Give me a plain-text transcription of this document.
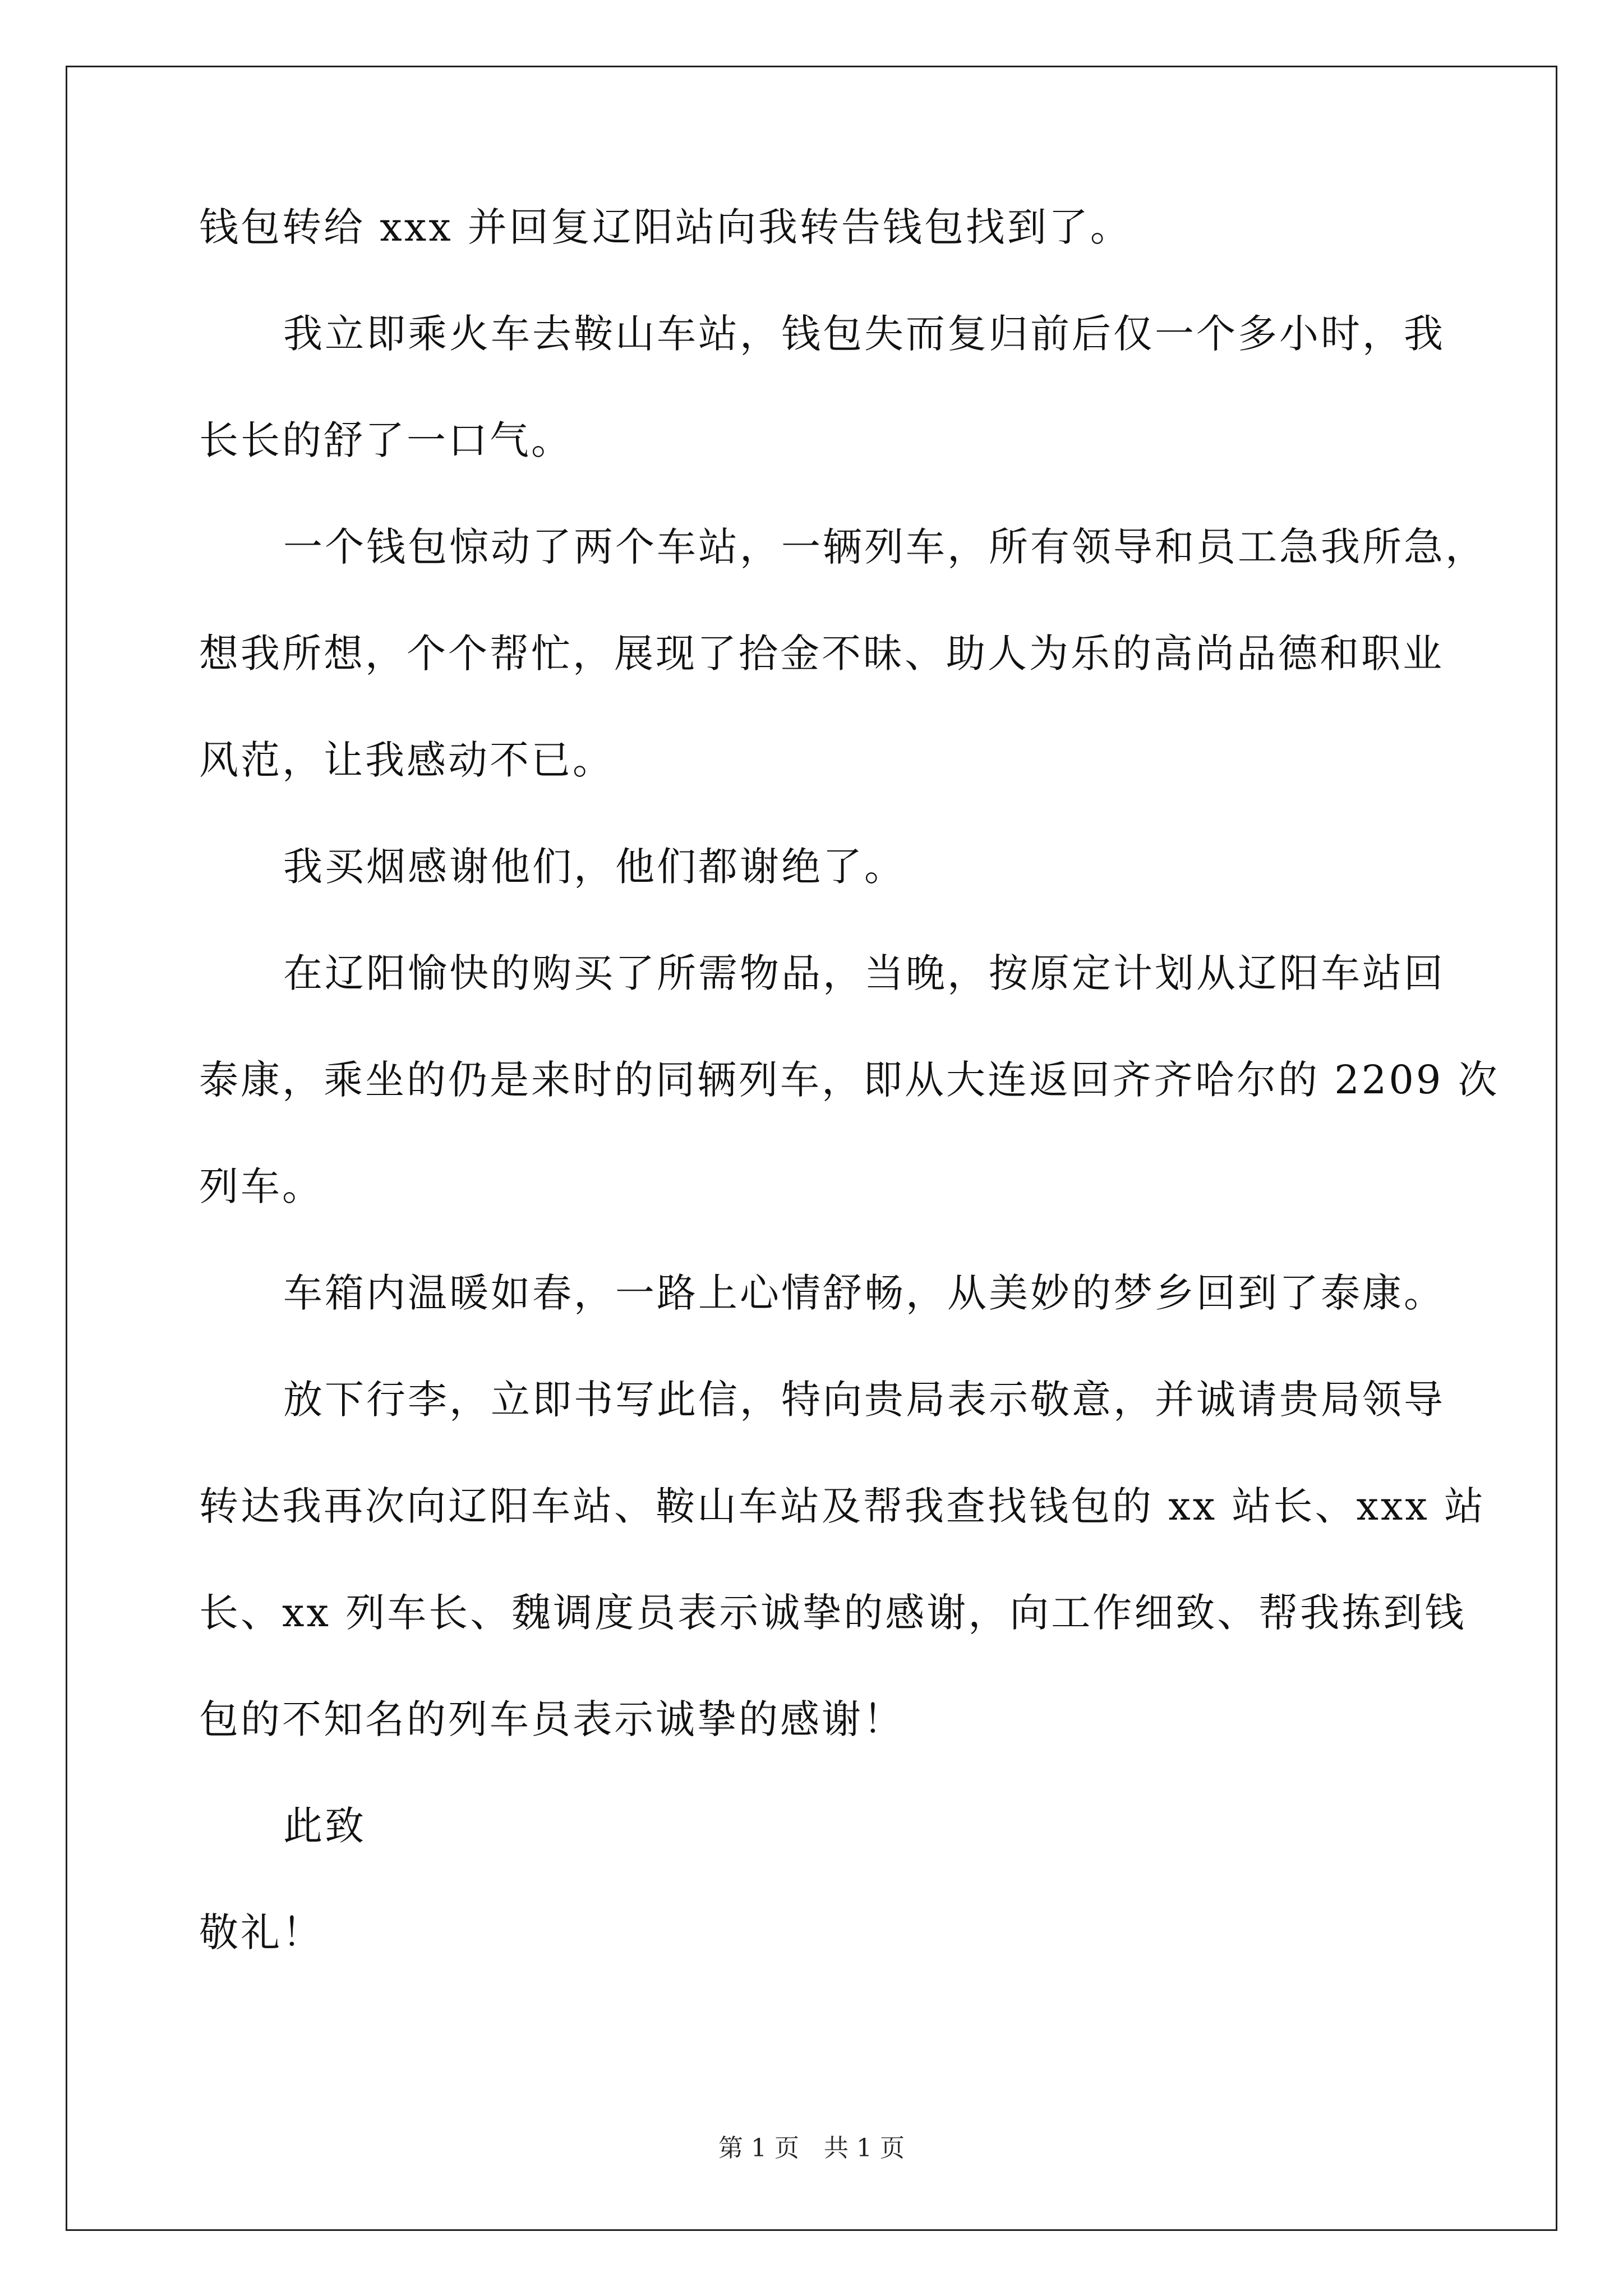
钱包转给 xxx 并回复辽阳站向我转告钱包找到了。
我立即乘火车去鞍山车站，钱包失而复归前后仅一个多小时，我
长长的舒了一口气。
一个钱包惊动了两个车站，一辆列车，所有领导和员工急我所急，
想我所想，个个帮忙，展现了拾金不昧、助人为乐的高尚品德和职业
风范，让我感动不已。
我买烟感谢他们，他们都谢绝了。
在辽阳愉快的购买了所需物品，当晚，按原定计划从辽阳车站回
泰康，乘坐的仍是来时的同辆列车，即从大连返回齐齐哈尔的 2209 次
列车。
车箱内温暖如春，一路上心情舒畅，从美妙的梦乡回到了泰康。
放下行李，立即书写此信，特向贵局表示敬意，并诚请贵局领导
转达我再次向辽阳车站、鞍山车站及帮我查找钱包的 xx 站长、xxx 站
长、xx 列车长、魏调度员表示诚挚的感谢，向工作细致、帮我拣到钱
包的不知名的列车员表示诚挚的感谢！
此致
敬礼！
第 1 页　共 1 页
